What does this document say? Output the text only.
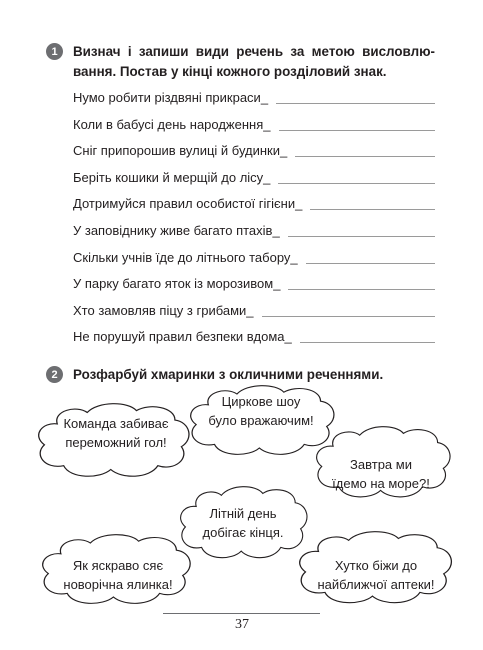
1 Визнач і запиши види речень за метою висловлю-вання. Постав у кінці кожного розділовий знак.
Нумо робити різдвяні прикраси_
Коли в бабусі день народження_
Сніг припорошив вулиці й будинки_
Беріть кошики й мерщій до лісу_
Дотримуйся правил особистої гігієни_
У заповіднику живе багато птахів_
Скільки учнів їде до літнього табору_
У парку багато яток із морозивом_
Хто замовляв піцу з грибами_
Не порушуй правил безпеки вдома_
2 Розфарбуй хмаринки з окличними реченнями.
Команда забиває
переможний гол!
Циркове шоу
було вражаючим!
Завтра ми
їдемо на море?!
Літній день
добігає кінця.
Як яскраво сяє
новорічна ялинка!
Хутко біжи до
найближчої аптеки!
37
